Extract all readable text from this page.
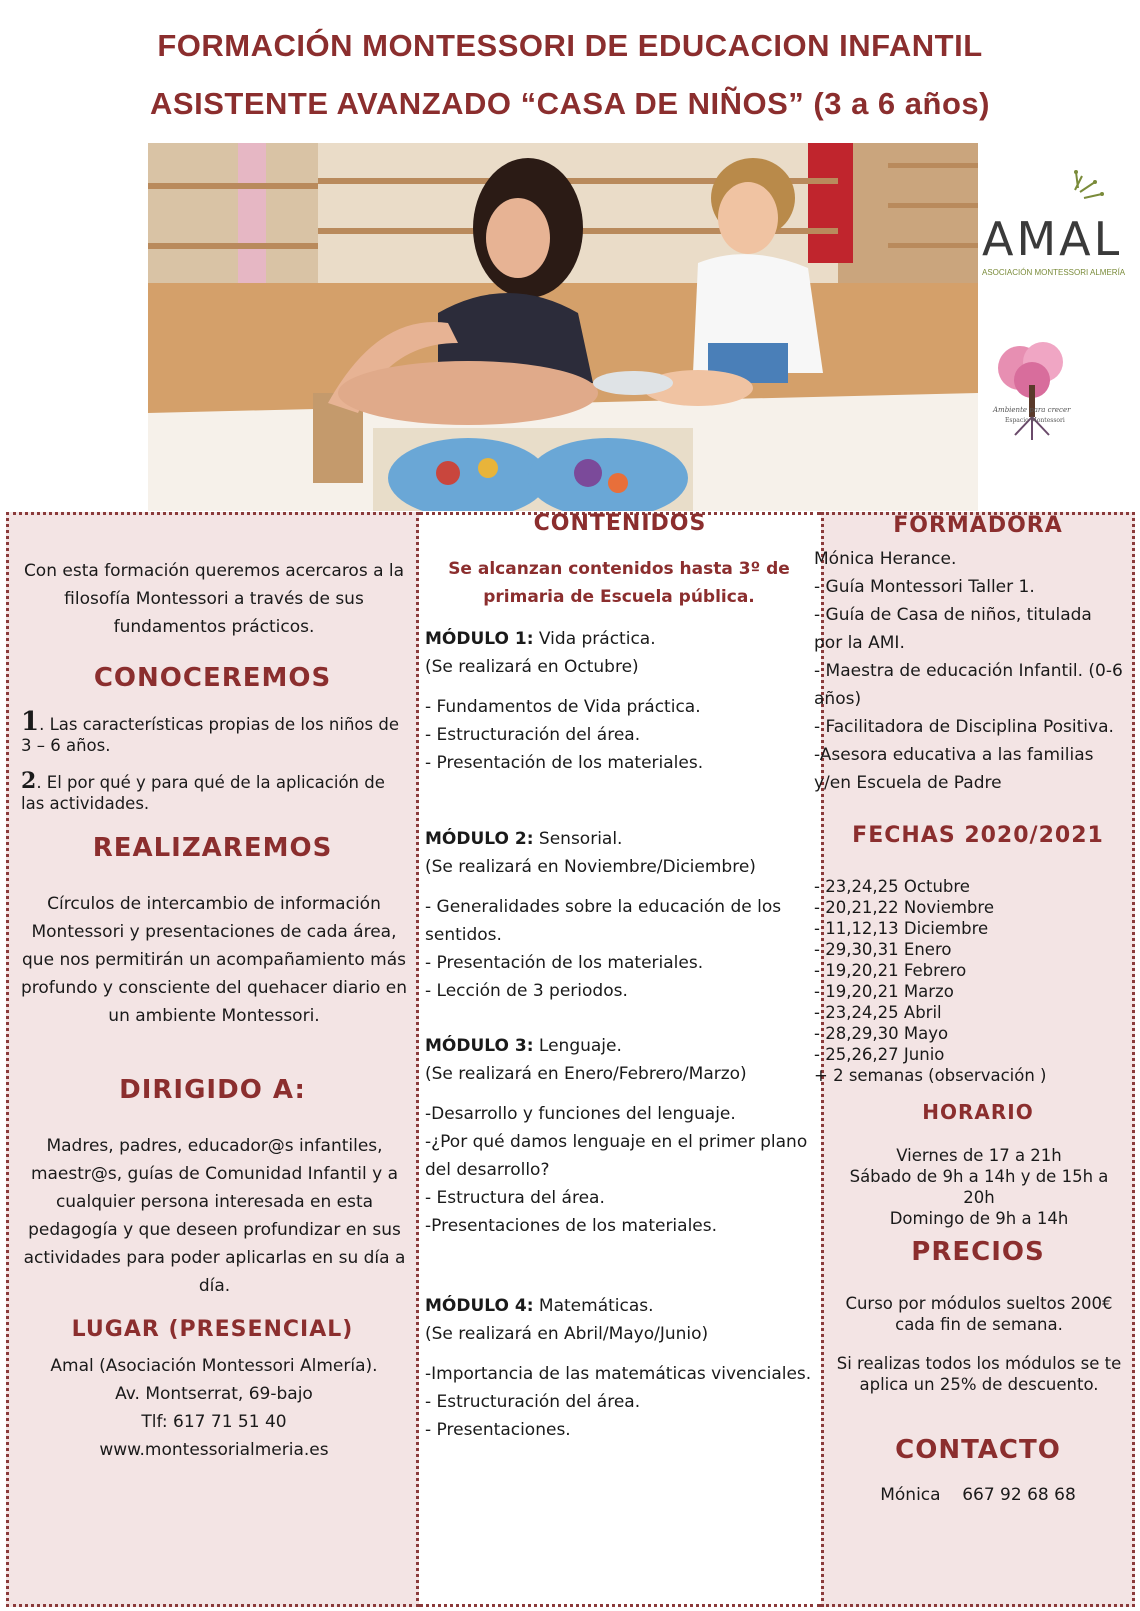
FORMACIÓN MONTESSORI DE EDUCACION INFANTIL
ASISTENTE AVANZADO “CASA DE NIÑOS” (3 a 6 años)
AMAL
ASOCIACIÓN MONTESSORI ALMERÍA
Ambiente para crecer
Espacio Montessori

Con esta formación queremos acercaros a la filosofía Montessori a través de sus fundamentos prácticos.

CONOCEREMOS

1. Las características propias de los niños de 3 – 6 años.

2. El por qué y para qué de la aplicación de las actividades.

REALIZAREMOS

Círculos de intercambio de información Montessori y presentaciones de cada área, que nos permitirán un acompañamiento más profundo y consciente del quehacer diario en un ambiente Montessori.

DIRIGIDO A:

Madres, padres, educador@s infantiles, maestr@s, guías de Comunidad Infantil y a cualquier persona interesada en esta pedagogía y que deseen profundizar en sus actividades para poder aplicarlas en su día a día.

LUGAR (PRESENCIAL)
Amal (Asociación Montessori Almería).
Av. Montserrat, 69-bajo
Tlf: 617 71 51 40
www.montessorialmeria.es
CONTENIDOS

Se alcanzan contenidos hasta 3º de primaria de Escuela pública.

MÓDULO 1: Vida práctica.
(Se realizará en Octubre)
- Fundamentos de Vida práctica.
- Estructuración del área.
- Presentación de los materiales.
MÓDULO 2: Sensorial.
(Se realizará en Noviembre/Diciembre)
- Generalidades sobre la educación de los sentidos.
- Presentación de los materiales.
- Lección de 3 periodos.
MÓDULO 3: Lenguaje.
(Se realizará en Enero/Febrero/Marzo)
-Desarrollo y funciones del lenguaje.
-¿Por qué damos lenguaje en el primer plano del desarrollo?
- Estructura del área.
-Presentaciones de los materiales.
MÓDULO 4: Matemáticas.
(Se realizará en Abril/Mayo/Junio)
-Importancia de las matemáticas vivenciales.
- Estructuración del área.
- Presentaciones.
FORMADORA
Mónica Herance.
- Guía Montessori Taller 1.
- Guía de Casa de niños, titulada por la AMI.
- Maestra de educación Infantil. (0-6 años)
- Facilitadora de Disciplina Positiva.
-Asesora educativa a las familias y/en Escuela de Padre
FECHAS 2020/2021
- 23,24,25 Octubre
- 20,21,22 Noviembre
- 11,12,13 Diciembre
- 29,30,31 Enero
- 19,20,21 Febrero
- 19,20,21 Marzo
- 23,24,25 Abril
- 28,29,30 Mayo
- 25,26,27 Junio
+ 2 semanas (observación )
HORARIO
Viernes de 17 a 21h
Sábado de 9h a 14h y de 15h a 20h
Domingo de 9h a 14h
PRECIOS

Curso por módulos sueltos 200€ cada fin de semana.

Si realizas todos los módulos se te aplica un 25% de descuento.

CONTACTO
Mónica 667 92 68 68
